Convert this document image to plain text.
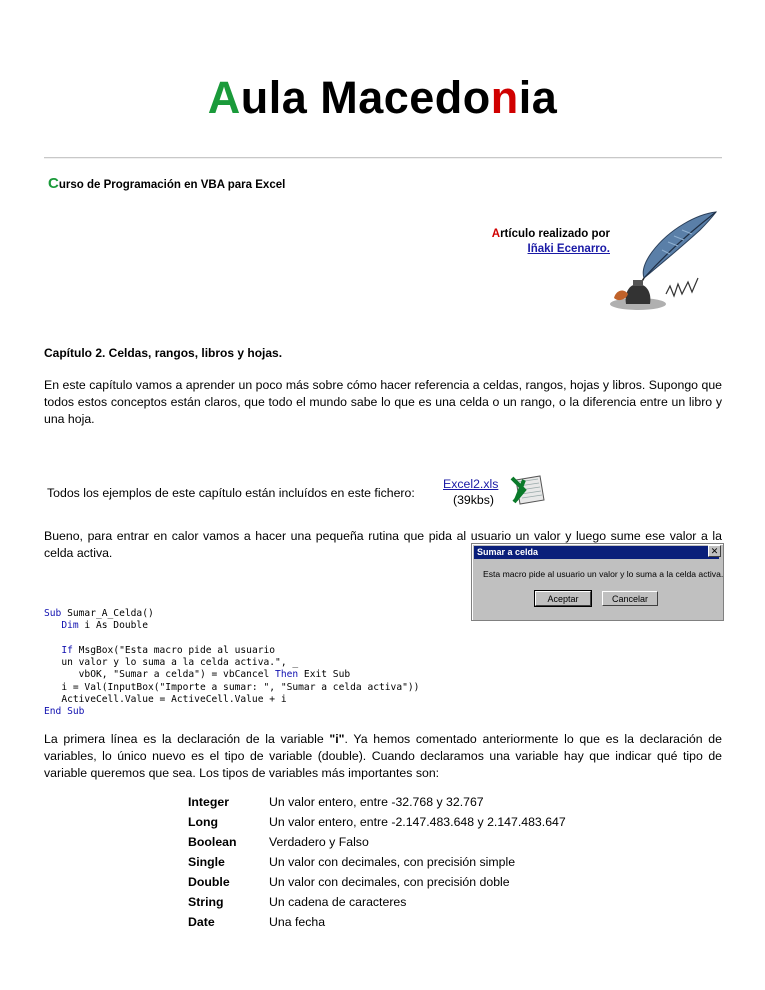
Aula Macedonia
Curso de Programación en VBA para Excel
Artículo realizado por
Iñaki Ecenarro.
Capítulo 2. Celdas, rangos, libros y hojas.
En este capítulo vamos a aprender un poco más sobre cómo hacer referencia a celdas, rangos, hojas y libros. Supongo que todos estos conceptos están claros, que todo el mundo sabe lo que es una celda o un rango, o la diferencia entre un libro y una hoja.
Todos los ejemplos de este capítulo están incluídos en este fichero:
Excel2.xls
(39kbs)
Bueno, para entrar en calor vamos a hacer una pequeña rutina que pida al usuario un valor y luego sume ese valor a la celda activa.	Sumar a celda	✕
Esta macro pide al usuario un valor y lo suma a la celda activa.
Aceptar	Cancelar
Sub Sumar_A_Celda()
Dim i As Double

If MsgBox("Esta macro pide al usuario
un valor y lo suma a la celda activa.", _
vbOK, "Sumar a celda") = vbCancel Then Exit Sub
i = Val(InputBox("Importe a sumar: ", "Sumar a celda activa"))
ActiveCell.Value = ActiveCell.Value + i
End Sub
La primera línea es la declaración de la variable "i". Ya hemos comentado anteriormente lo que es la declaración de variables, lo único nuevo es el tipo de variable (double). Cuando declaramos una variable hay que indicar qué tipo de variable queremos que sea. Los tipos de variables más importantes son:
Integer	Un valor entero, entre -32.768 y 32.767
Long	Un valor entero, entre -2.147.483.648 y 2.147.483.647
Boolean	Verdadero y Falso
Single	Un valor con decimales, con precisión simple
Double	Un valor con decimales, con precisión doble
String	Un cadena de caracteres
Date	Una fecha
